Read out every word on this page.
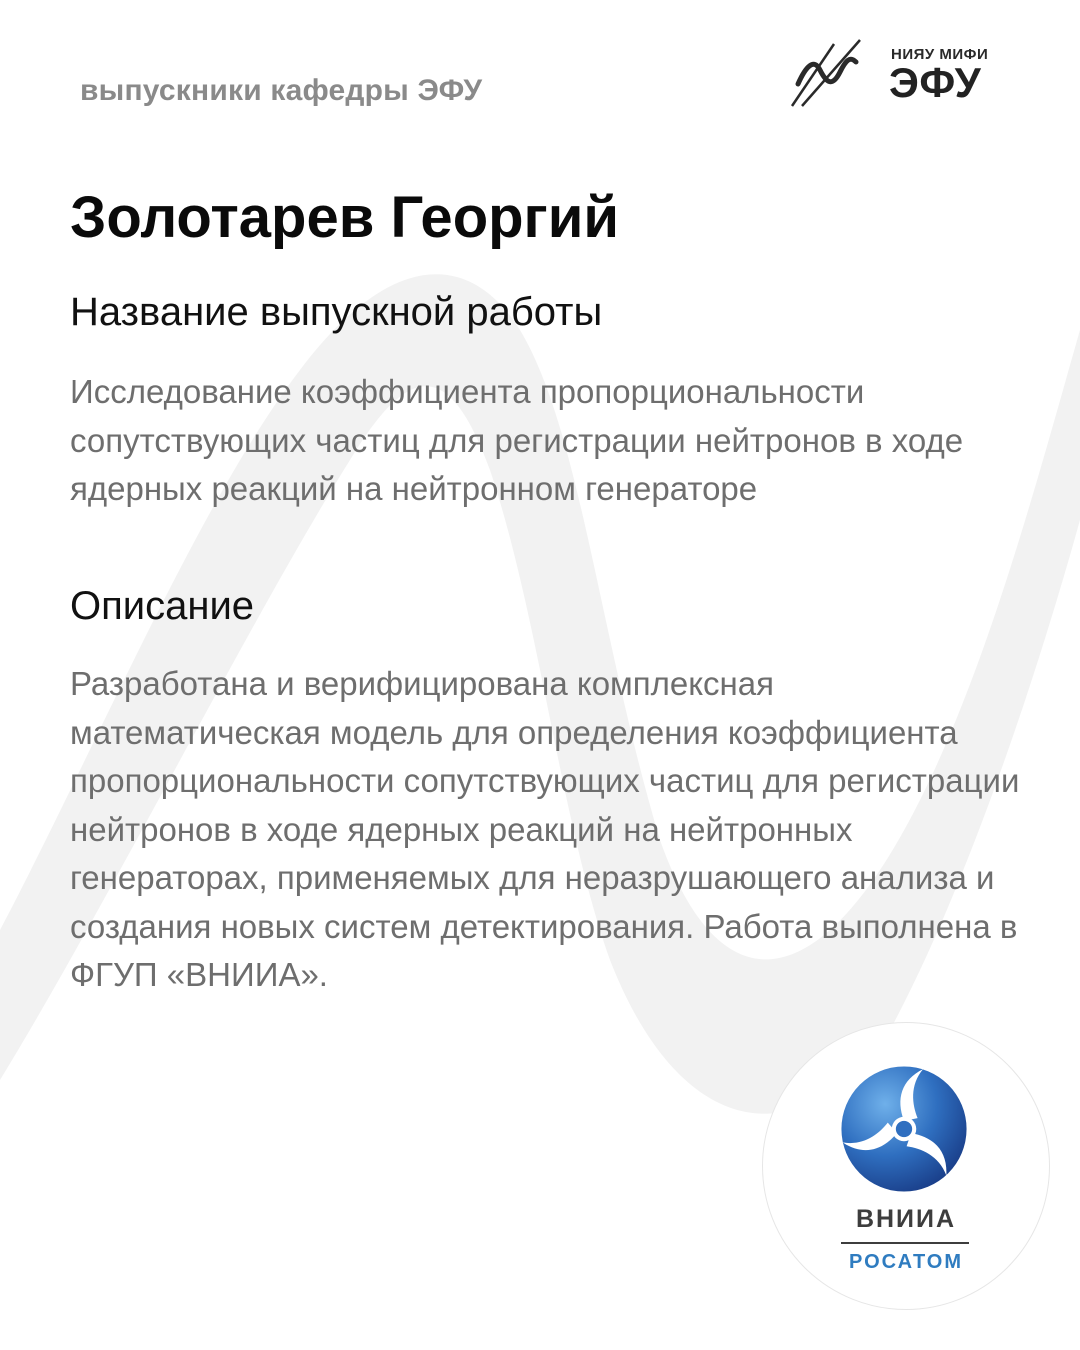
выпускники кафедры ЭФУ
НИЯУ МИФИ
ЭФУ
Золотарев Георгий
Название выпускной работы

Исследование коэффициента пропорциональности сопутствующих частиц для регистрации нейтронов в ходе ядерных реакций на нейтронном генераторе

Описание

Разработана и верифицирована комплексная математическая модель для определения коэффициента пропорциональности сопутствующих частиц для регистрации нейтронов в ходе ядерных реакций на нейтронных генераторах, применяемых для неразрушающего анализа и создания новых систем детектирования. Работа выполнена в ФГУП «ВНИИА».

ВНИИА
РОСАТОМ
